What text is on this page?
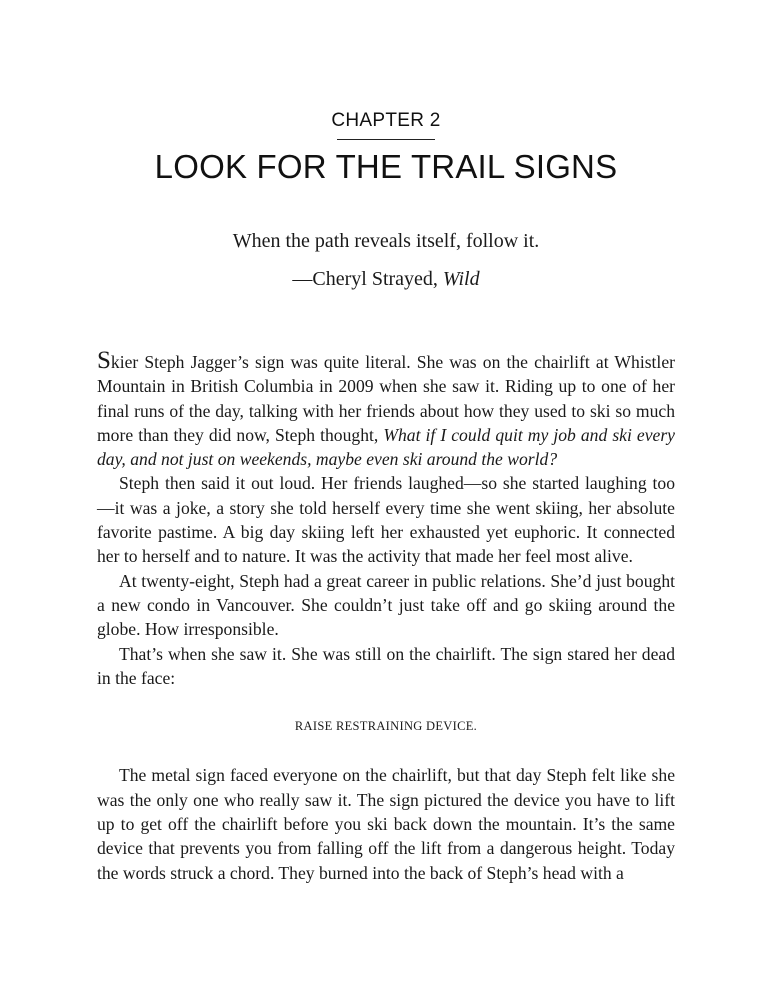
CHAPTER 2
LOOK FOR THE TRAIL SIGNS
When the path reveals itself, follow it.
—Cheryl Strayed, Wild

Skier Steph Jagger’s sign was quite literal. She was on the chairlift at Whistler Mountain in British Columbia in 2009 when she saw it. Riding up to one of her final runs of the day, talking with her friends about how they used to ski so much more than they did now, Steph thought, What if I could quit my job and ski every day, and not just on weekends, maybe even ski around the world?

Steph then said it out loud. Her friends laughed—so she started laughing too —it was a joke, a story she told herself every time she went skiing, her absolute favorite pastime. A big day skiing left her exhausted yet euphoric. It connected her to herself and to nature. It was the activity that made her feel most alive.

At twenty-eight, Steph had a great career in public relations. She’d just bought a new condo in Vancouver. She couldn’t just take off and go skiing around the globe. How irresponsible.

That’s when she saw it. She was still on the chairlift. The sign stared her dead in the face:

RAISE RESTRAINING DEVICE.

The metal sign faced everyone on the chairlift, but that day Steph felt like she was the only one who really saw it. The sign pictured the device you have to lift up to get off the chairlift before you ski back down the mountain. It’s the same device that prevents you from falling off the lift from a dangerous height. Today the words struck a chord. They burned into the back of Steph’s head with a
